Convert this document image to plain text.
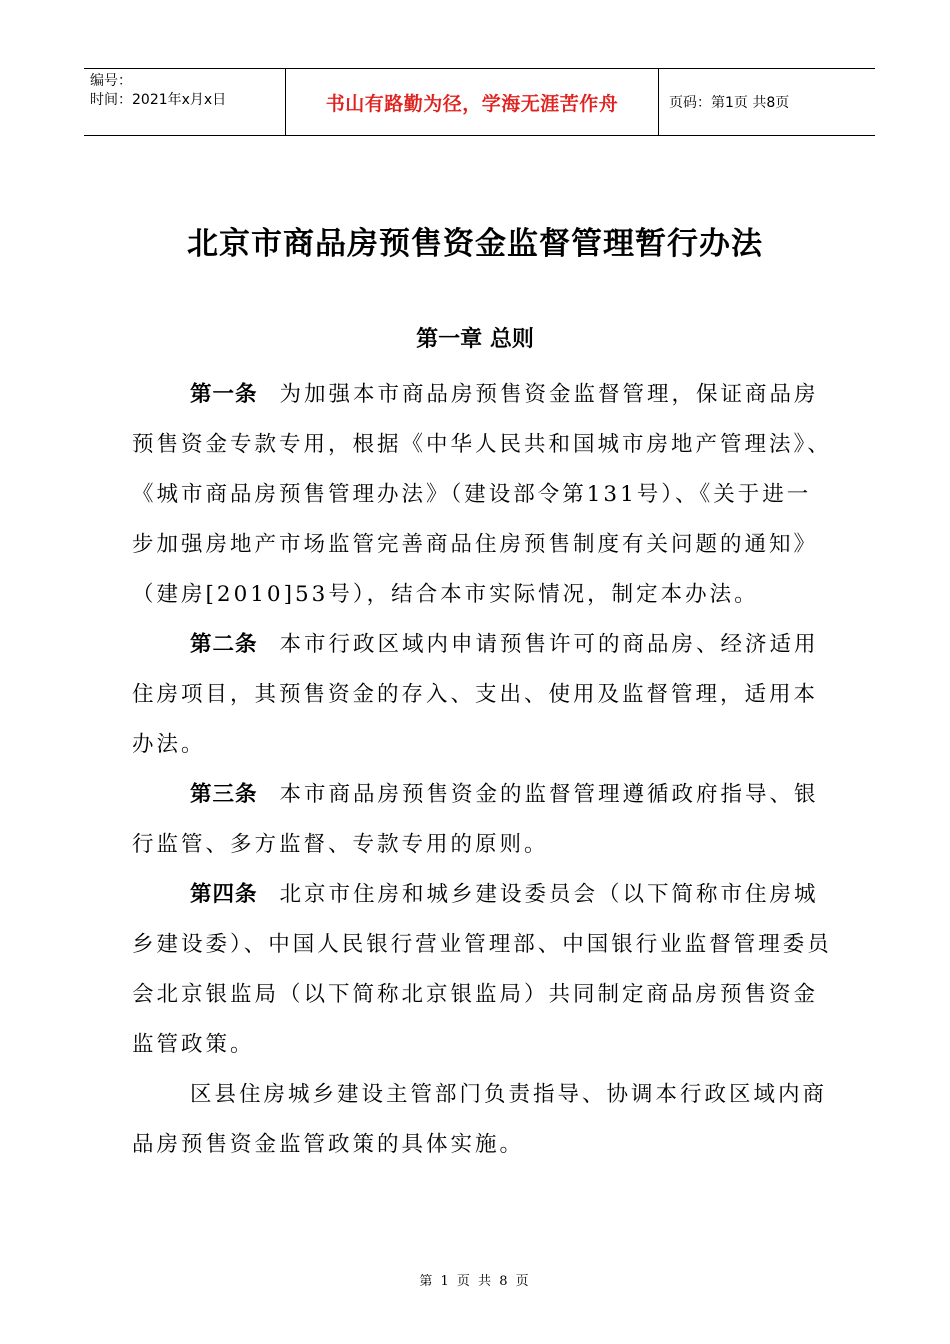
编号：
时间：2021年x月x日	书山有路勤为径，学海无涯苦作舟	页码：第1页 共8页
北京市商品房预售资金监督管理暂行办法
第一章 总则

第一条 为加强本市商品房预售资金监督管理，保证商品房预售资金专款专用，根据《中华人民共和国城市房地产管理法》、《城市商品房预售管理办法》（建设部令第131号）、《关于进一步加强房地产市场监管完善商品住房预售制度有关问题的通知》（建房[2010]53号），结合本市实际情况，制定本办法。

第二条 本市行政区域内申请预售许可的商品房、经济适用住房项目，其预售资金的存入、支出、使用及监督管理，适用本办法。

第三条 本市商品房预售资金的监督管理遵循政府指导、银行监管、多方监督、专款专用的原则。

第四条 北京市住房和城乡建设委员会（以下简称市住房城乡建设委）、中国人民银行营业管理部、中国银行业监督管理委员会北京银监局（以下简称北京银监局）共同制定商品房预售资金监管政策。

区县住房城乡建设主管部门负责指导、协调本行政区域内商品房预售资金监管政策的具体实施。

第 1 页 共 8 页
